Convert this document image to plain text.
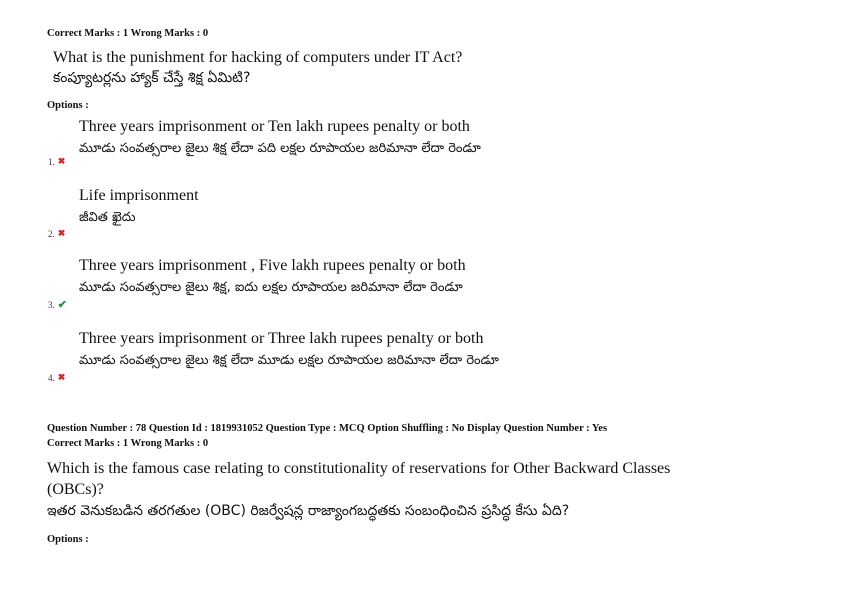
Correct Marks : 1 Wrong Marks : 0
What is the punishment for hacking of computers under IT Act?
కంప్యూటర్లను హ్యాక్ చేస్తే శిక్ష ఏమిటి?
Options :
Three years imprisonment or Ten lakh rupees penalty or both
మూడు సంవత్సరాల జైలు శిక్ష లేదా పది లక్షల రూపాయల జరిమానా లేదా రెండూ
1. ✖
Life imprisonment
జీవిత ఖైదు
2. ✖
Three years imprisonment , Five lakh rupees penalty or both
మూడు సంవత్సరాల జైలు శిక్ష, ఐదు లక్షల రూపాయల జరిమానా లేదా రెండూ
3. ✔
Three years imprisonment or Three lakh rupees penalty or both
మూడు సంవత్సరాల జైలు శిక్ష లేదా మూడు లక్షల రూపాయల జరిమానా లేదా రెండూ
4. ✖
Question Number : 78 Question Id : 1819931052 Question Type : MCQ Option Shuffling : No Display Question Number : Yes
Correct Marks : 1 Wrong Marks : 0
Which is the famous case relating to constitutionality of reservations for Other Backward Classes
(OBCs)?
ఇతర వెనుకబడిన తరగతుల (OBC) రిజర్వేషన్ల రాజ్యాంగబద్ధతకు సంబంధించిన ప్రసిద్ధ కేసు ఏది?
Options :
